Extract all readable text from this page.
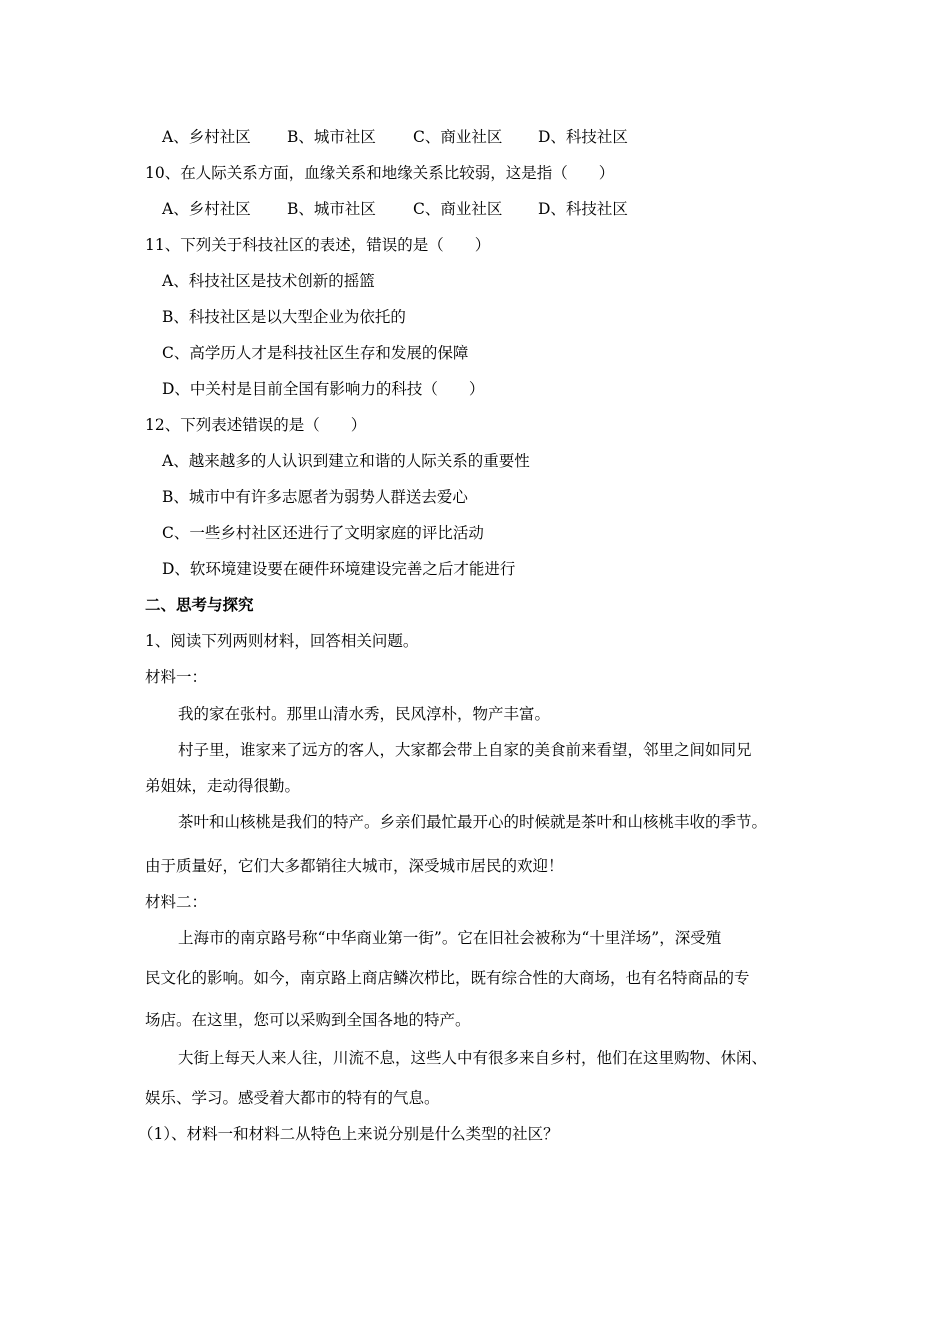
A、乡村社区 B、城市社区 C、商业社区 D、科技社区
10、在人际关系方面，血缘关系和地缘关系比较弱，这是指（　　）
A、乡村社区 B、城市社区 C、商业社区 D、科技社区
11、下列关于科技社区的表述，错误的是（　　）
A、科技社区是技术创新的摇篮
B、科技社区是以大型企业为依托的
C、高学历人才是科技社区生存和发展的保障
D、中关村是目前全国有影响力的科技（　　）
12、下列表述错误的是（　　）
A、越来越多的人认识到建立和谐的人际关系的重要性
B、城市中有许多志愿者为弱势人群送去爱心
C、一些乡村社区还进行了文明家庭的评比活动
D、软环境建设要在硬件环境建设完善之后才能进行
二、思考与探究
1、阅读下列两则材料，回答相关问题。
材料一：
我的家在张村。那里山清水秀，民风淳朴，物产丰富。
村子里，谁家来了远方的客人，大家都会带上自家的美食前来看望，邻里之间如同兄
弟姐妹，走动得很勤。
茶叶和山核桃是我们的特产。乡亲们最忙最开心的时候就是茶叶和山核桃丰收的季节。
由于质量好，它们大多都销往大城市，深受城市居民的欢迎！
材料二：
上海市的南京路号称“中华商业第一街”。它在旧社会被称为“十里洋场”，深受殖
民文化的影响。如今，南京路上商店鳞次栉比，既有综合性的大商场，也有名特商品的专
场店。在这里，您可以采购到全国各地的特产。
大街上每天人来人往，川流不息，这些人中有很多来自乡村，他们在这里购物、休闲、
娱乐、学习。感受着大都市的特有的气息。
（1）、材料一和材料二从特色上来说分别是什么类型的社区？
